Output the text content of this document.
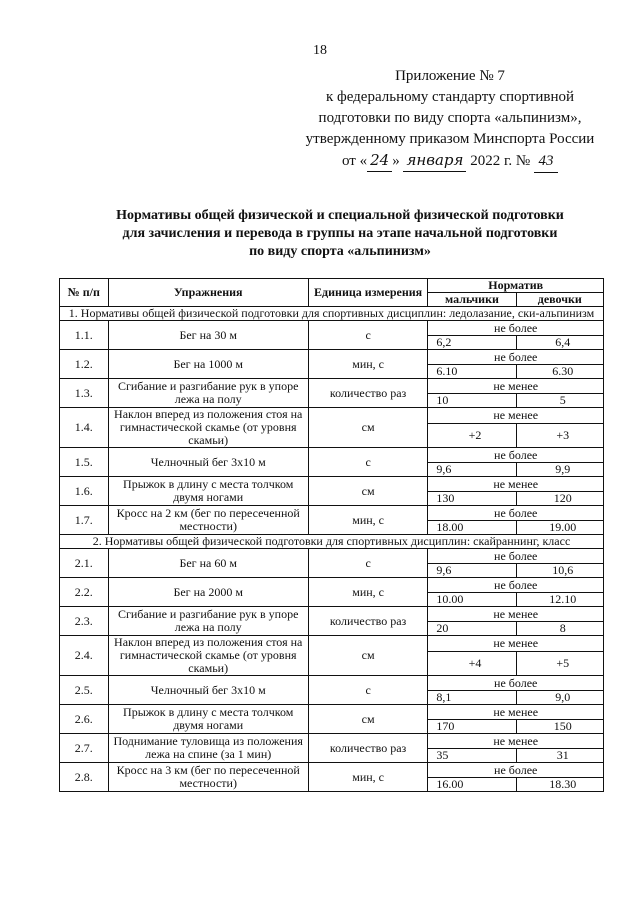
18
Приложение № 7
к федеральному стандарту спортивной
подготовки по виду спорта «альпинизм»,
утвержденному приказом Минспорта России
от « 24 » января 2022 г. № 43
Нормативы общей физической и специальной физической подготовки
для зачисления и перевода в группы на этапе начальной подготовки
по виду спорта «альпинизм»
№ п/п	Упражнения	Единица измерения	Норматив	
			мальчики	девочки
1. Нормативы общей физической подготовки для спортивных дисциплин: ледолазание, ски-альпинизм				
1.1.	Бег на 30 м	с	не более	
			6,2	6,4
1.2.	Бег на 1000 м	мин, с	не более	
			6.10	6.30
1.3.	Сгибание и разгибание рук в упоре лежа на полу	количество раз	не менее	
			10	5
1.4.	Наклон вперед из положения стоя на гимнастической скамье (от уровня скамьи)	см	не менее	
			+2	+3
1.5.	Челночный бег 3х10 м	с	не более	
			9,6	9,9
1.6.	Прыжок в длину с места толчком двумя ногами	см	не менее	
			130	120
1.7.	Кросс на 2 км (бег по пересеченной местности)	мин, с	не более	
			18.00	19.00
2. Нормативы общей физической подготовки для спортивных дисциплин: скайраннинг, класс				
2.1.	Бег на 60 м	с	не более	
			9,6	10,6
2.2.	Бег на 2000 м	мин, с	не более	
			10.00	12.10
2.3.	Сгибание и разгибание рук в упоре лежа на полу	количество раз	не менее	
			20	8
2.4.	Наклон вперед из положения стоя на гимнастической скамье (от уровня скамьи)	см	не менее	
			+4	+5
2.5.	Челночный бег 3х10 м	с	не более	
			8,1	9,0
2.6.	Прыжок в длину с места толчком двумя ногами	см	не менее	
			170	150
2.7.	Поднимание туловища из положения лежа на спине (за 1 мин)	количество раз	не менее	
			35	31
2.8.	Кросс на 3 км (бег по пересеченной местности)	мин, с	не более	
			16.00	18.30
